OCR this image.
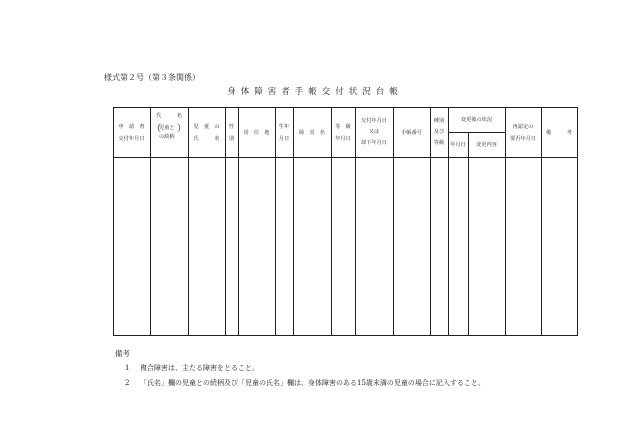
様式第２号（第３条関係）
身体障害者手帳交付状況台帳
申　請　書
交付年月日
氏　　　名
（
児童と
の続柄
）	児　童　の
氏　　　名
性
別
居　住　地
生年
月日
障　害　名
等　級
年月日
交付年月日
又は
却下年月日
手帳番号
種別
及び
等級
変更後の状況
年月日	変更内容
再認定の
要否年月日
備　　　考
備考
1 複合障害は、主たる障害をとること。
2 「氏名」欄の児童との続柄及び「児童の氏名」欄は、身体障害のある15歳未満の児童の場合に記入すること。
